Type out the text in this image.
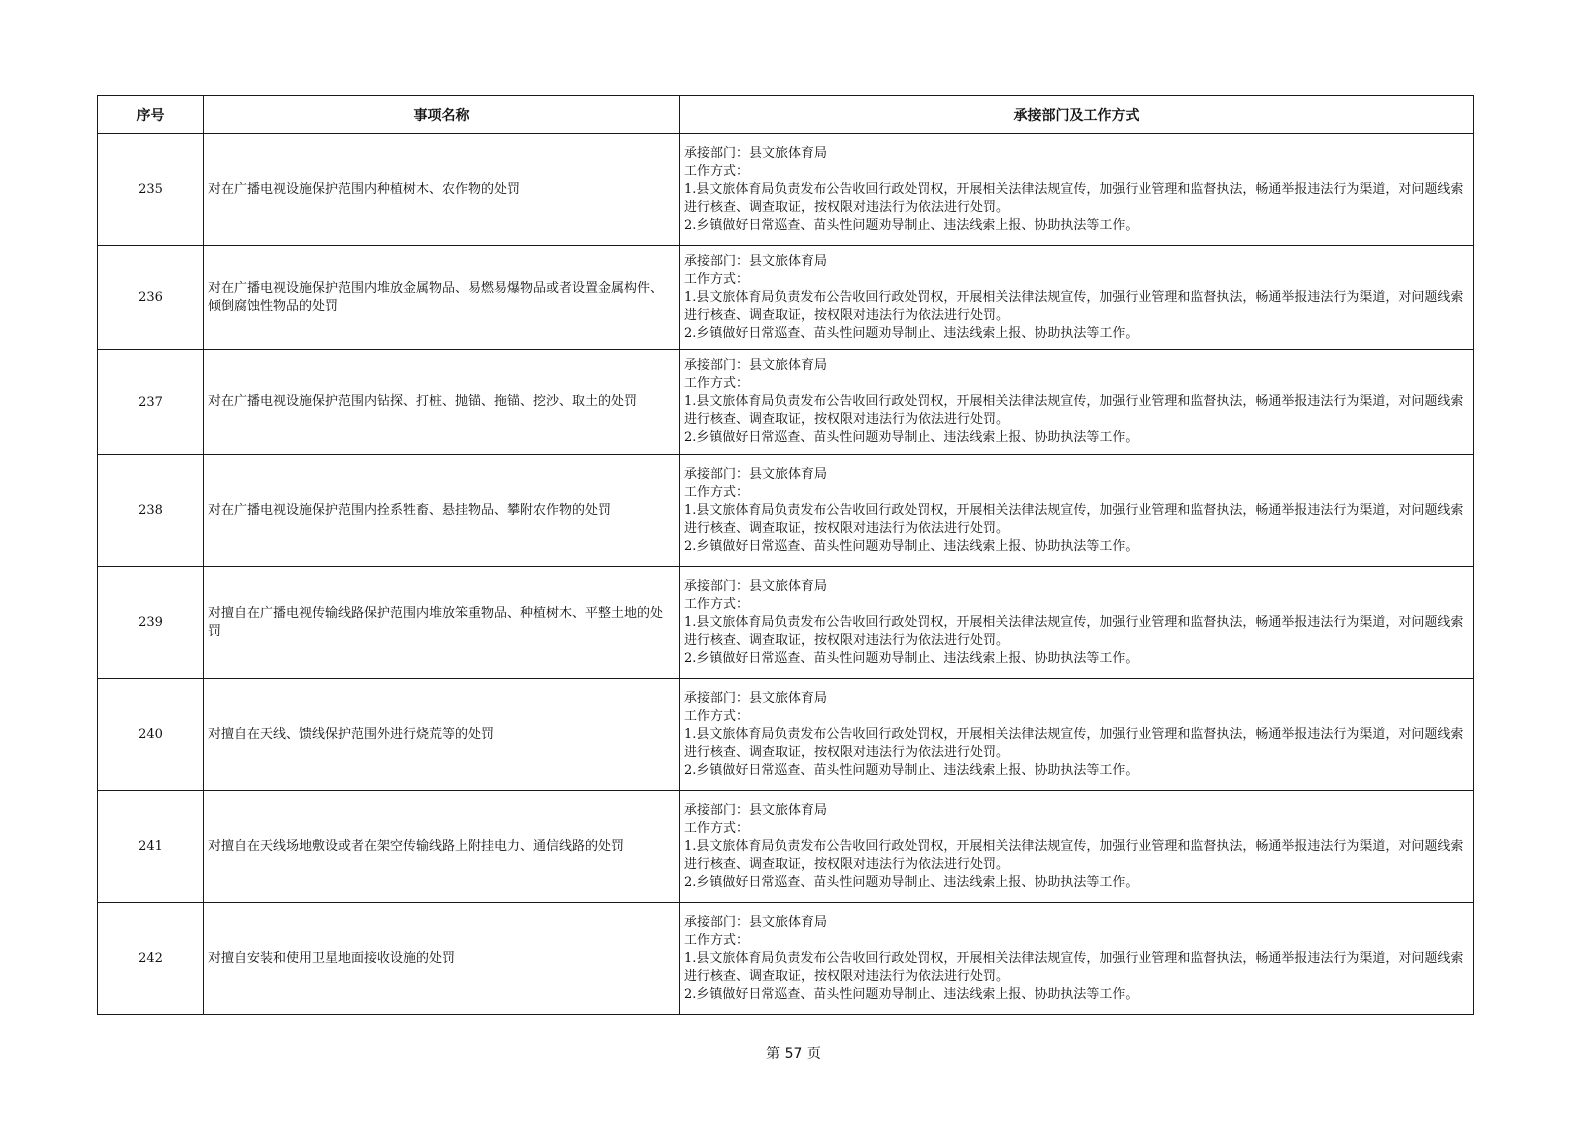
序号	事项名称	承接部门及工作方式
235	对在广播电视设施保护范围内种植树木、农作物的处罚	承接部门：县文旅体育局
工作方式：
1.县文旅体育局负责发布公告收回行政处罚权，开展相关法律法规宣传，加强行业管理和监督执法，畅通举报违法行为渠道，对问题线索进行核查、调查取证，按权限对违法行为依法进行处罚。
2.乡镇做好日常巡查、苗头性问题劝导制止、违法线索上报、协助执法等工作。

236	对在广播电视设施保护范围内堆放金属物品、易燃易爆物品或者设置金属构件、倾倒腐蚀性物品的处罚	承接部门：县文旅体育局
工作方式：
1.县文旅体育局负责发布公告收回行政处罚权，开展相关法律法规宣传，加强行业管理和监督执法，畅通举报违法行为渠道，对问题线索进行核查、调查取证，按权限对违法行为依法进行处罚。
2.乡镇做好日常巡查、苗头性问题劝导制止、违法线索上报、协助执法等工作。

237	对在广播电视设施保护范围内钻探、打桩、抛锚、拖锚、挖沙、取土的处罚	承接部门：县文旅体育局
工作方式：
1.县文旅体育局负责发布公告收回行政处罚权，开展相关法律法规宣传，加强行业管理和监督执法，畅通举报违法行为渠道，对问题线索进行核查、调查取证，按权限对违法行为依法进行处罚。
2.乡镇做好日常巡查、苗头性问题劝导制止、违法线索上报、协助执法等工作。

238	对在广播电视设施保护范围内拴系牲畜、悬挂物品、攀附农作物的处罚	承接部门：县文旅体育局
工作方式：
1.县文旅体育局负责发布公告收回行政处罚权，开展相关法律法规宣传，加强行业管理和监督执法，畅通举报违法行为渠道，对问题线索进行核查、调查取证，按权限对违法行为依法进行处罚。
2.乡镇做好日常巡查、苗头性问题劝导制止、违法线索上报、协助执法等工作。

239	对擅自在广播电视传输线路保护范围内堆放笨重物品、种植树木、平整土地的处罚	承接部门：县文旅体育局
工作方式：
1.县文旅体育局负责发布公告收回行政处罚权，开展相关法律法规宣传，加强行业管理和监督执法，畅通举报违法行为渠道，对问题线索进行核查、调查取证，按权限对违法行为依法进行处罚。
2.乡镇做好日常巡查、苗头性问题劝导制止、违法线索上报、协助执法等工作。

240	对擅自在天线、馈线保护范围外进行烧荒等的处罚	承接部门：县文旅体育局
工作方式：
1.县文旅体育局负责发布公告收回行政处罚权，开展相关法律法规宣传，加强行业管理和监督执法，畅通举报违法行为渠道，对问题线索进行核查、调查取证，按权限对违法行为依法进行处罚。
2.乡镇做好日常巡查、苗头性问题劝导制止、违法线索上报、协助执法等工作。

241	对擅自在天线场地敷设或者在架空传输线路上附挂电力、通信线路的处罚	承接部门：县文旅体育局
工作方式：
1.县文旅体育局负责发布公告收回行政处罚权，开展相关法律法规宣传，加强行业管理和监督执法，畅通举报违法行为渠道，对问题线索进行核查、调查取证，按权限对违法行为依法进行处罚。
2.乡镇做好日常巡查、苗头性问题劝导制止、违法线索上报、协助执法等工作。

242	对擅自安装和使用卫星地面接收设施的处罚	承接部门：县文旅体育局
工作方式：
1.县文旅体育局负责发布公告收回行政处罚权，开展相关法律法规宣传，加强行业管理和监督执法，畅通举报违法行为渠道，对问题线索进行核查、调查取证，按权限对违法行为依法进行处罚。
2.乡镇做好日常巡查、苗头性问题劝导制止、违法线索上报、协助执法等工作。
第 57 页
